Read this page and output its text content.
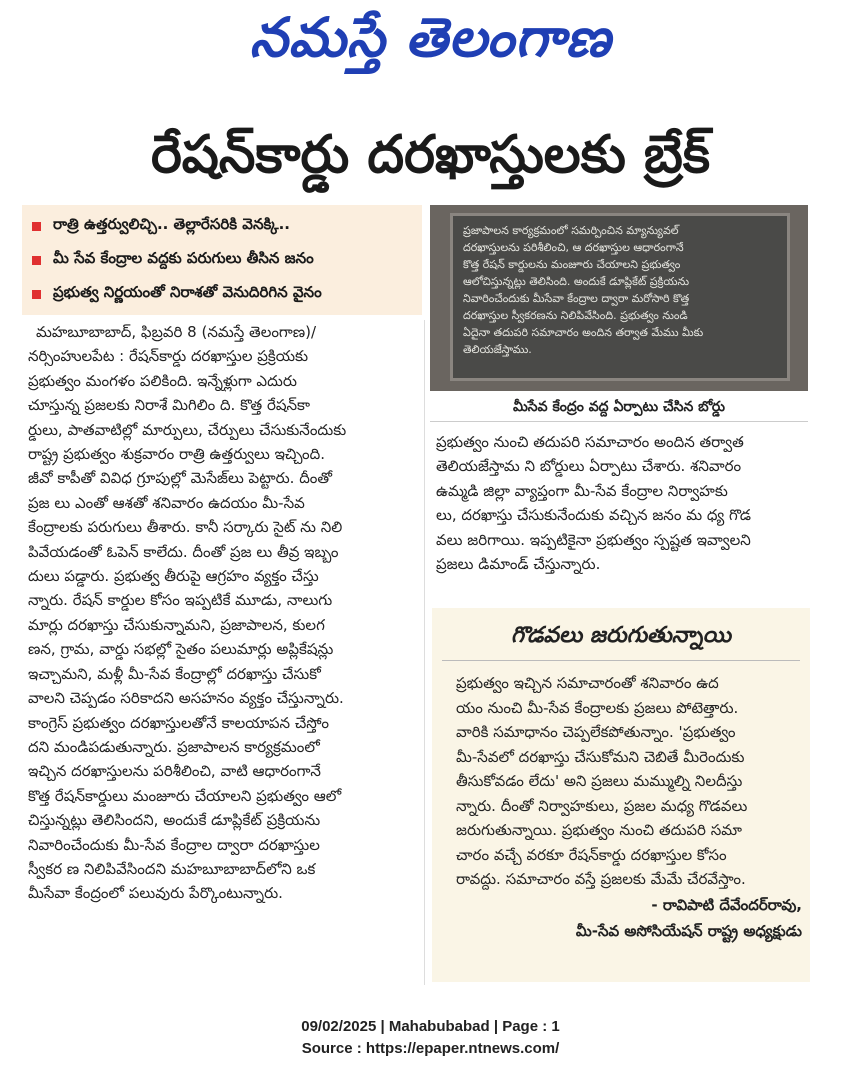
నమస్తే తెలంగాణ
రేషన్‌కార్డు దరఖాస్తులకు బ్రేక్
రాత్రి ఉత్తర్వులిచ్చి.. తెల్లారేసరికి వెనక్కి..
మీ సేవ కేంద్రాల వద్దకు పరుగులు తీసిన జనం
ప్రభుత్వ నిర్ణయంతో నిరాశతో వెనుదిరిగిన వైనం
ప్రజాపాలన కార్యక్రమంలో సమర్పించిన మ్యాన్యువల్
దరఖాస్తులను పరిశీలించి, ఆ దరఖాస్తుల ఆధారంగానే
కొత్త రేషన్ కార్డులను మంజూరు చేయాలని ప్రభుత్వం
ఆలోచిస్తున్నట్లు తెలిసింది. అందుకే డూప్లికేట్ ప్రక్రియను
నివారించేందుకు మీసేవా కేంద్రాల ద్వారా మరోసారి కొత్త
దరఖాస్తుల స్వీకరణను నిలిపివేసింది. ప్రభుత్వం నుండి
ఏదైనా తదుపరి సమాచారం అందిన తర్వాత మేము మీకు
తెలియజేస్తాము.
మీసేవ కేంద్రం వద్ద ఏర్పాటు చేసిన బోర్డు
మహబూబాబాద్, ఫిబ్రవరి 8 (నమస్తే తెలంగాణ)/
నర్సింహులపేట : రేషన్‌కార్డు దరఖాస్తుల ప్రక్రియకు
ప్రభుత్వం మంగళం పలికింది. ఇన్నేళ్లుగా ఎదురు
చూస్తున్న ప్రజలకు నిరాశే మిగిలిం ది. కొత్త రేషన్‌కా
ర్డులు, పాతవాటిల్లో మార్పులు, చేర్పులు చేసుకునేందుకు
రాష్ట్ర ప్రభుత్వం శుక్రవారం రాత్రి ఉత్తర్వులు ఇచ్చింది.
జీవో కాపీతో వివిధ గ్రూపుల్లో మెసేజ్‌లు పెట్టారు. దీంతో
ప్రజ లు ఎంతో ఆశతో శనివారం ఉదయం మీ-సేవ
కేంద్రాలకు పరుగులు తీశారు. కానీ సర్కారు సైట్ ను నిలి
పివేయడంతో ఓపెన్ కాలేదు. దీంతో ప్రజ లు తీవ్ర ఇబ్బం
దులు పడ్డారు. ప్రభుత్వ తీరుపై ఆగ్రహం వ్యక్తం చేస్తు
న్నారు. రేషన్ కార్డుల కోసం ఇప్పటికే మూడు, నాలుగు
మార్లు దరఖాస్తు చేసుకున్నామని, ప్రజాపాలన, కులగ
ణన, గ్రామ, వార్డు సభల్లో సైతం పలుమార్లు అప్లికేషన్లు
ఇచ్చామని, మళ్లీ మీ-సేవ కేంద్రాల్లో దరఖాస్తు చేసుకో
వాలని చెప్పడం సరికాదని అసహనం వ్యక్తం చేస్తున్నారు.
కాంగ్రెస్ ప్రభుత్వం దరఖాస్తులతోనే కాలయాపన చేస్తోం
దని మండిపడుతున్నారు. ప్రజాపాలన కార్యక్రమంలో
ఇచ్చిన దరఖాస్తులను పరిశీలించి, వాటి ఆధారంగానే
కొత్త రేషన్‌కార్డులు మంజూరు చేయాలని ప్రభుత్వం ఆలో
చిస్తున్నట్లు తెలిసిందని, అందుకే డూప్లికేట్ ప్రక్రియను
నివారించేందుకు మీ-సేవ కేంద్రాల ద్వారా దరఖాస్తుల
స్వీకర ణ నిలిపివేసిందని మహబూబాబాద్‌లోని ఒక
మీసేవా కేంద్రంలో పలువురు పేర్కొంటున్నారు.
ప్రభుత్వం నుంచి తదుపరి సమాచారం అందిన తర్వాత
తెలియజేస్తామ ని బోర్డులు ఏర్పాటు చేశారు. శనివారం
ఉమ్మడి జిల్లా వ్యాప్తంగా మీ-సేవ కేంద్రాల నిర్వాహకు
లు, దరఖాస్తు చేసుకునేందుకు వచ్చిన జనం మ ధ్య గొడ
వలు జరిగాయి. ఇప్పటికైనా ప్రభుత్వం స్పష్టత ఇవ్వాలని
ప్రజలు డిమాండ్ చేస్తున్నారు.
గొడవలు జరుగుతున్నాయి
ప్రభుత్వం ఇచ్చిన సమాచారంతో శనివారం ఉద
యం నుంచి మీ-సేవ కేంద్రాలకు ప్రజలు పోటెత్తారు.
వారికి సమాధానం చెప్పలేకపోతున్నాం. 'ప్రభుత్వం
మీ-సేవలో దరఖాస్తు చేసుకోమని చెబితే మీరెందుకు
తీసుకోవడం లేదు' అని ప్రజలు మమ్ముల్ని నిలదీస్తు
న్నారు. దీంతో నిర్వాహకులు, ప్రజల మధ్య గొడవలు
జరుగుతున్నాయి. ప్రభుత్వం నుంచి తదుపరి సమా
చారం వచ్చే వరకూ రేషన్‌కార్డు దరఖాస్తుల కోసం
రావద్దు. సమాచారం వస్తే ప్రజలకు మేమే చేరవేస్తాం.
- రావిపాటి దేవేందర్‌రావు,
మీ-సేవ అసోసియేషన్ రాష్ట్ర అధ్యక్షుడు
09/02/2025 | Mahabubabad | Page : 1
Source : https://epaper.ntnews.com/
